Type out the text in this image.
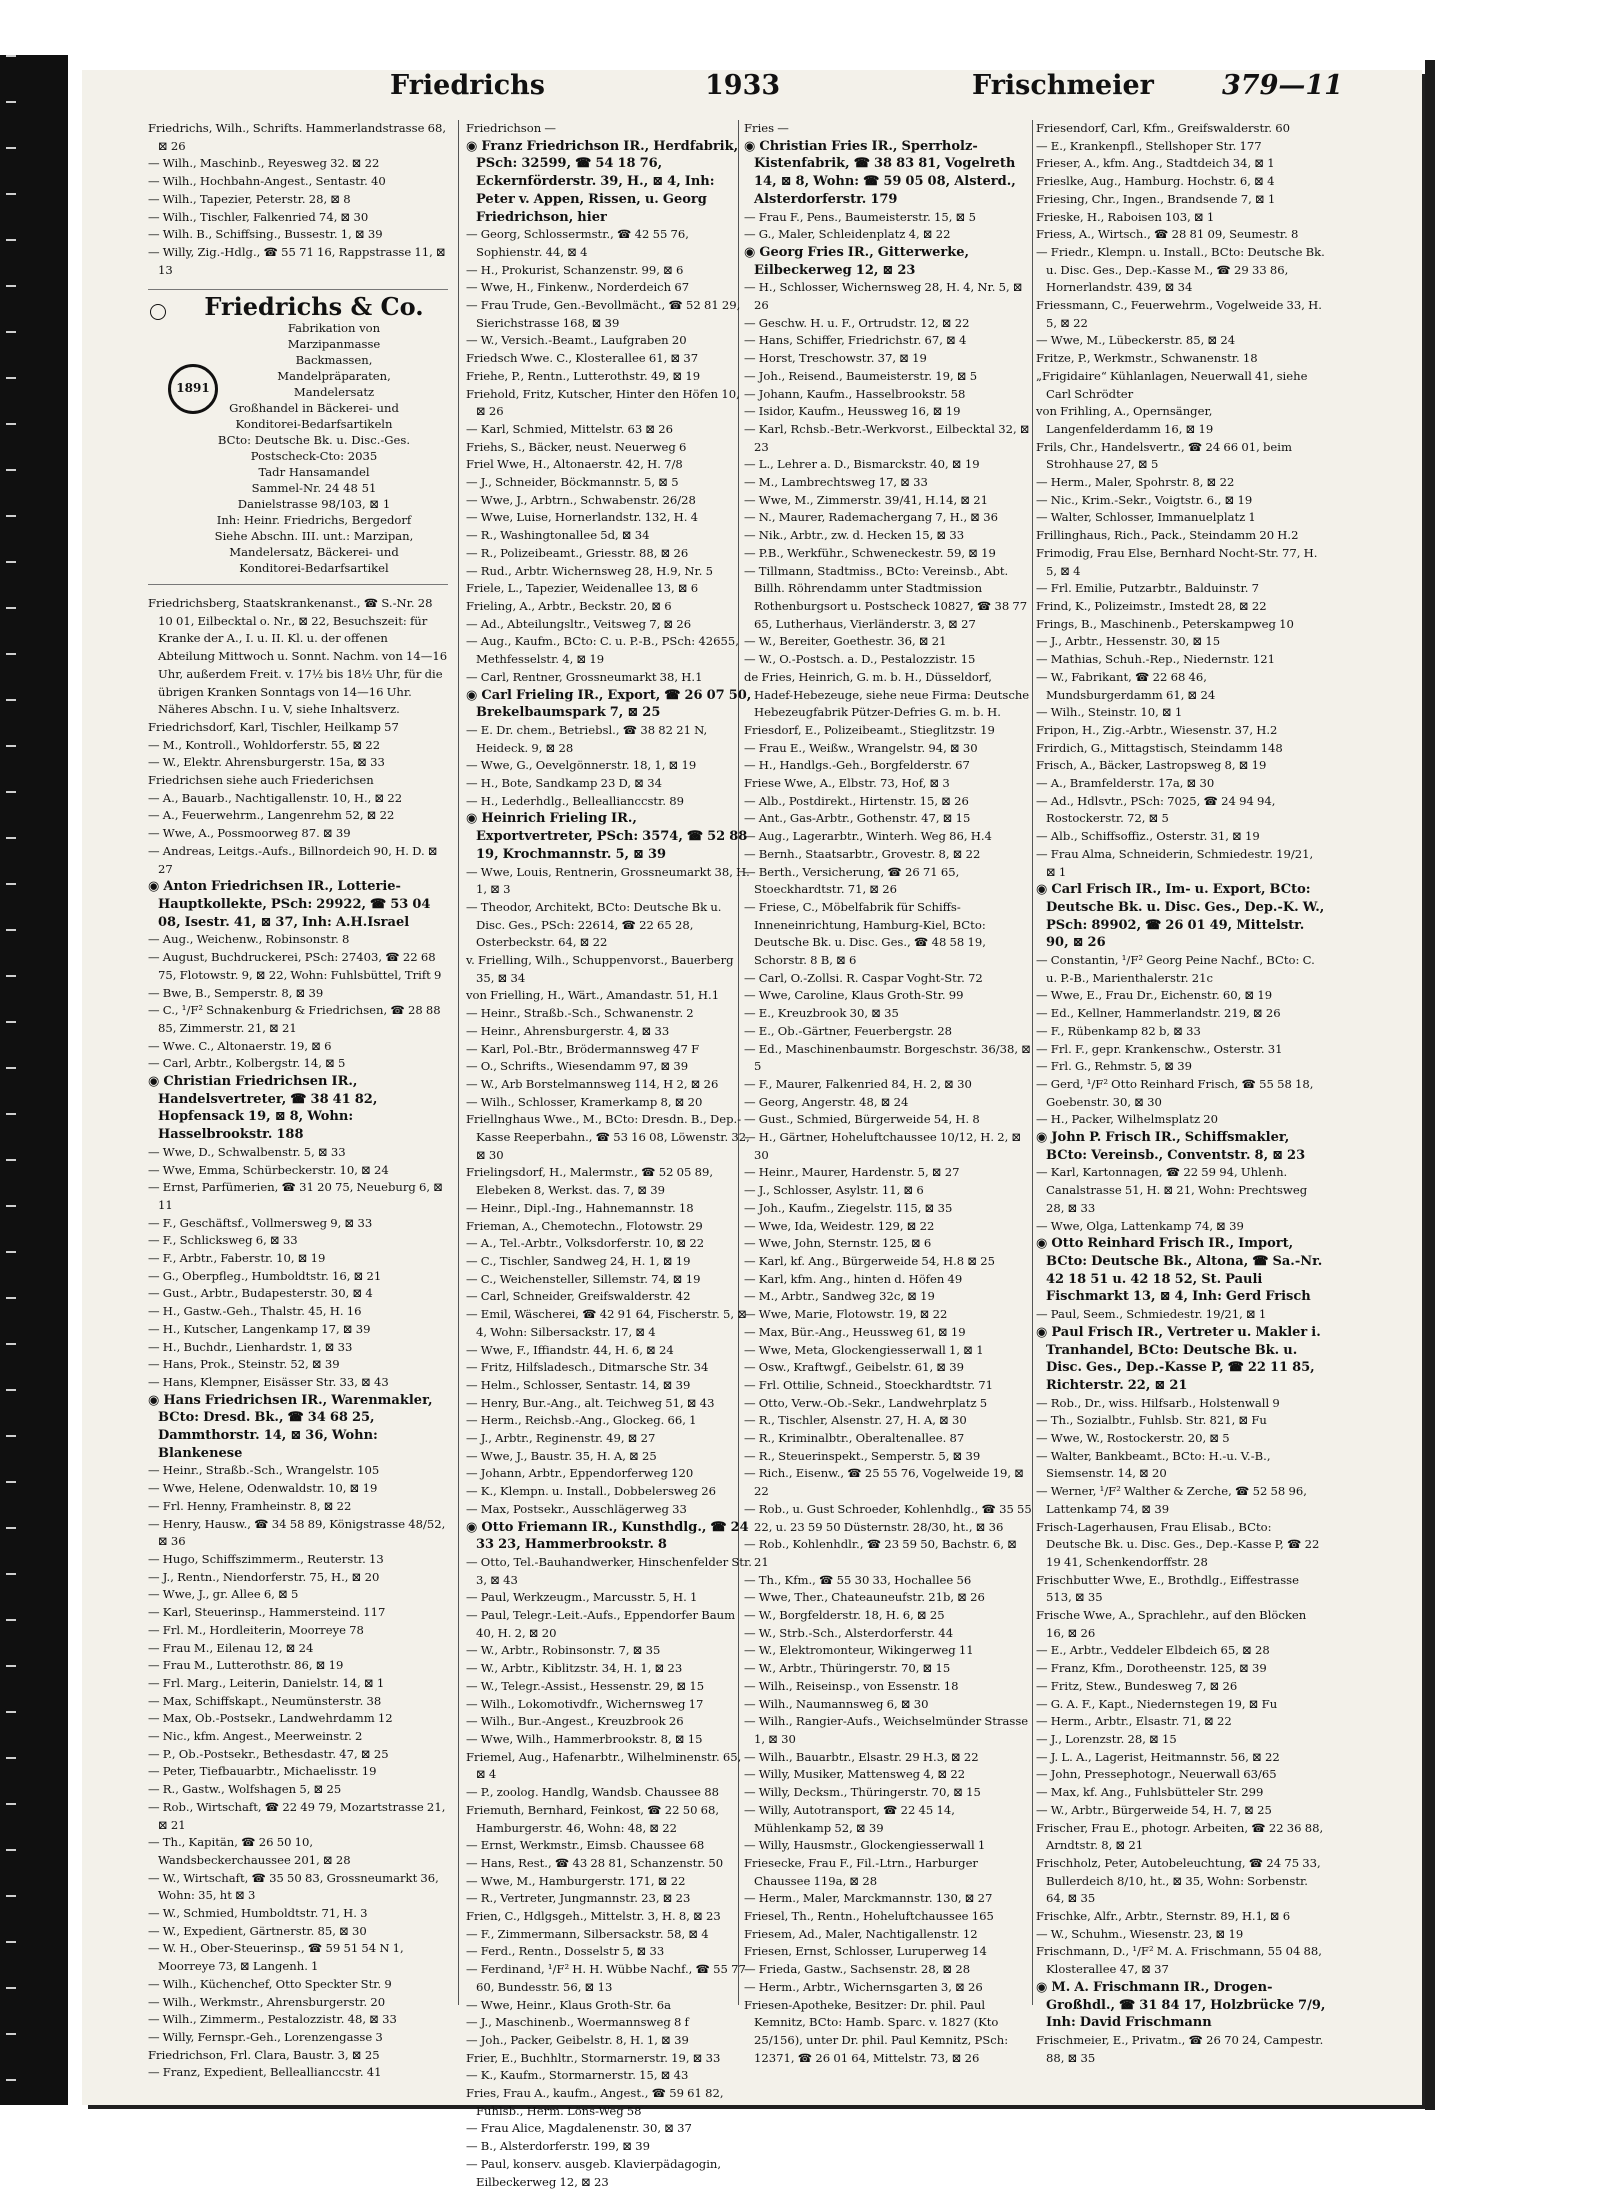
Friedrichs	1933	Frischmeier	379—11
Friedrichs, Wilh., Schrifts. Hammerlandstrasse 68, ⊠ 26
— Wilh., Maschinb., Reyesweg 32. ⊠ 22
— Wilh., Hochbahn-Angest., Sentastr. 40
— Wilh., Tapezier, Peterstr. 28, ⊠ 8
— Wilh., Tischler, Falkenried 74, ⊠ 30
— Wilh. B., Schiffsing., Bussestr. 1, ⊠ 39
— Willy, Zig.-Hdlg., ☎ 55 71 16, Rappstrasse 11, ⊠ 13
1891
Friedrichs & Co.
Fabrikation von
Marzipanmasse
Backmassen,
Mandelpräparaten,
Mandelersatz
Großhandel in Bäckerei- und
Konditorei-Bedarfsartikeln
BCto: Deutsche Bk. u. Disc.-Ges.
Postscheck-Cto: 2035
Tadr Hansamandel
Sammel-Nr. 24 48 51
Danielstrasse 98/103, ⊠ 1
Inh: Heinr. Friedrichs, Bergedorf
Siehe Abschn. III. unt.: Marzipan,
Mandelersatz, Bäckerei- und
Konditorei-Bedarfsartikel
Friedrichsberg, Staatskrankenanst., ☎ S.-Nr. 28 10 01, Eilbecktal o. Nr., ⊠ 22, Besuchszeit: für Kranke der A., I. u. II. Kl. u. der offenen Abteilung Mittwoch u. Sonnt. Nachm. von 14—16 Uhr, außerdem Freit. v. 17½ bis 18½ Uhr, für die übrigen Kranken Sonntags von 14—16 Uhr. Näheres Abschn. I u. V, siehe Inhaltsverz.
Friedrichsdorf, Karl, Tischler, Heilkamp 57
— M., Kontroll., Wohldorferstr. 55, ⊠ 22
— W., Elektr. Ahrensburgerstr. 15a, ⊠ 33
Friedrichsen siehe auch Friederichsen
— A., Bauarb., Nachtigallenstr. 10, H., ⊠ 22
— A., Feuerwehrm., Langenrehm 52, ⊠ 22
— Wwe, A., Possmoorweg 87. ⊠ 39
— Andreas, Leitgs.-Aufs., Billnordeich 90, H. D. ⊠ 27
◉ Anton Friedrichsen IR., Lotterie-Hauptkollekte, PSch: 29922, ☎ 53 04 08, Isestr. 41, ⊠ 37, Inh: A.H.Israel
— Aug., Weichenw., Robinsonstr. 8
— August, Buchdruckerei, PSch: 27403, ☎ 22 68 75, Flotowstr. 9, ⊠ 22, Wohn: Fuhlsbüttel, Trift 9
— Bwe, B., Semperstr. 8, ⊠ 39
— C., ¹/F² Schnakenburg & Friedrichsen, ☎ 28 88 85, Zimmerstr. 21, ⊠ 21
— Wwe. C., Altonaerstr. 19, ⊠ 6
— Carl, Arbtr., Kolbergstr. 14, ⊠ 5
◉ Christian Friedrichsen IR., Handelsvertreter, ☎ 38 41 82, Hopfensack 19, ⊠ 8, Wohn: Hasselbrookstr. 188
— Wwe, D., Schwalbenstr. 5, ⊠ 33
— Wwe, Emma, Schürbeckerstr. 10, ⊠ 24
— Ernst, Parfümerien, ☎ 31 20 75, Neueburg 6, ⊠ 11
— F., Geschäftsf., Vollmersweg 9, ⊠ 33
— F., Schlicksweg 6, ⊠ 33
— F., Arbtr., Faberstr. 10, ⊠ 19
— G., Oberpfleg., Humboldtstr. 16, ⊠ 21
— Gust., Arbtr., Budapesterstr. 30, ⊠ 4
— H., Gastw.-Geh., Thalstr. 45, H. 16
— H., Kutscher, Langenkamp 17, ⊠ 39
— H., Buchdr., Lienhardstr. 1, ⊠ 33
— Hans, Prok., Steinstr. 52, ⊠ 39
— Hans, Klempner, Eisässer Str. 33, ⊠ 43
◉ Hans Friedrichsen IR., Warenmakler, BCto: Dresd. Bk., ☎ 34 68 25, Dammthorstr. 14, ⊠ 36, Wohn: Blankenese
— Heinr., Straßb.-Sch., Wrangelstr. 105
— Wwe, Helene, Odenwaldstr. 10, ⊠ 19
— Frl. Henny, Framheinstr. 8, ⊠ 22
— Henry, Hausw., ☎ 34 58 89, Königstrasse 48/52, ⊠ 36
— Hugo, Schiffszimmerm., Reuterstr. 13
— J., Rentn., Niendorferstr. 75, H., ⊠ 20
— Wwe, J., gr. Allee 6, ⊠ 5
— Karl, Steuerinsp., Hammersteind. 117
— Frl. M., Hordleiterin, Moorreye 78
— Frau M., Eilenau 12, ⊠ 24
— Frau M., Lutterothstr. 86, ⊠ 19
— Frl. Marg., Leiterin, Danielstr. 14, ⊠ 1
— Max, Schiffskapt., Neumünsterstr. 38
— Max, Ob.-Postsekr., Landwehrdamm 12
— Nic., kfm. Angest., Meerweinstr. 2
— P., Ob.-Postsekr., Bethesdastr. 47, ⊠ 25
— Peter, Tiefbauarbtr., Michaelisstr. 19
— R., Gastw., Wolfshagen 5, ⊠ 25
— Rob., Wirtschaft, ☎ 22 49 79, Mozartstrasse 21, ⊠ 21
— Th., Kapitän, ☎ 26 50 10, Wandsbeckerchaussee 201, ⊠ 28
— W., Wirtschaft, ☎ 35 50 83, Grossneumarkt 36, Wohn: 35, ht ⊠ 3
— W., Schmied, Humboldtstr. 71, H. 3
— W., Expedient, Gärtnerstr. 85, ⊠ 30
— W. H., Ober-Steuerinsp., ☎ 59 51 54 N 1, Moorreye 73, ⊠ Langenh. 1
— Wilh., Küchenchef, Otto Speckter Str. 9
— Wilh., Werkmstr., Ahrensburgerstr. 20
— Wilh., Zimmerm., Pestalozzistr. 48, ⊠ 33
— Willy, Fernspr.-Geh., Lorenzengasse 3
Friedrichson, Frl. Clara, Baustr. 3, ⊠ 25
— Franz, Expedient, Belleallianccstr. 41
Friedrichson —
◉ Franz Friedrichson IR., Herdfabrik, PSch: 32599, ☎ 54 18 76, Eckernförderstr. 39, H., ⊠ 4, Inh: Peter v. Appen, Rissen, u. Georg Friedrichson, hier
— Georg, Schlossermstr., ☎ 42 55 76, Sophienstr. 44, ⊠ 4
— H., Prokurist, Schanzenstr. 99, ⊠ 6
— Wwe, H., Finkenw., Norderdeich 67
— Frau Trude, Gen.-Bevollmächt., ☎ 52 81 29, Sierichstrasse 168, ⊠ 39
— W., Versich.-Beamt., Laufgraben 20
Friedsch Wwe. C., Klosterallee 61, ⊠ 37
Friehe, P., Rentn., Lutterothstr. 49, ⊠ 19
Friehold, Fritz, Kutscher, Hinter den Höfen 10, ⊠ 26
— Karl, Schmied, Mittelstr. 63 ⊠ 26
Friehs, S., Bäcker, neust. Neuerweg 6
Friel Wwe, H., Altonaerstr. 42, H. 7/8
— J., Schneider, Böckmannstr. 5, ⊠ 5
— Wwe, J., Arbtrn., Schwabenstr. 26/28
— Wwe, Luise, Hornerlandstr. 132, H. 4
— R., Washingtonallee 5d, ⊠ 34
— R., Polizeibeamt., Griesstr. 88, ⊠ 26
— Rud., Arbtr. Wichernsweg 28, H.9, Nr. 5
Friele, L., Tapezier, Weidenallee 13, ⊠ 6
Frieling, A., Arbtr., Beckstr. 20, ⊠ 6
— Ad., Abteilungsltr., Veitsweg 7, ⊠ 26
— Aug., Kaufm., BCto: C. u. P.-B., PSch: 42655, Methfesselstr. 4, ⊠ 19
— Carl, Rentner, Grossneumarkt 38, H.1
◉ Carl Frieling IR., Export, ☎ 26 07 50, Brekelbaumspark 7, ⊠ 25
— E. Dr. chem., Betriebsl., ☎ 38 82 21 N, Heideck. 9, ⊠ 28
— Wwe, G., Oevelgönnerstr. 18, 1, ⊠ 19
— H., Bote, Sandkamp 23 D, ⊠ 34
— H., Lederhdlg., Belleallianccstr. 89
◉ Heinrich Frieling IR., Exportvertreter, PSch: 3574, ☎ 52 88 19, Krochmannstr. 5, ⊠ 39
— Wwe, Louis, Rentnerin, Grossneumarkt 38, H. 1, ⊠ 3
— Theodor, Architekt, BCto: Deutsche Bk u. Disc. Ges., PSch: 22614, ☎ 22 65 28, Osterbeckstr. 64, ⊠ 22
v. Frielling, Wilh., Schuppenvorst., Bauerberg 35, ⊠ 34
von Frielling, H., Wärt., Amandastr. 51, H.1
— Heinr., Straßb.-Sch., Schwanenstr. 2
— Heinr., Ahrensburgerstr. 4, ⊠ 33
— Karl, Pol.-Btr., Brödermannsweg 47 F
— O., Schrifts., Wiesendamm 97, ⊠ 39
— W., Arb Borstelmannsweg 114, H 2, ⊠ 26
— Wilh., Schlosser, Kramerkamp 8, ⊠ 20
Friellnghaus Wwe., M., BCto: Dresdn. B., Dep.-Kasse Reeperbahn., ☎ 53 16 08, Löwenstr. 32, ⊠ 30
Frielingsdorf, H., Malermstr., ☎ 52 05 89, Elebeken 8, Werkst. das. 7, ⊠ 39
— Heinr., Dipl.-Ing., Hahnemannstr. 18
Frieman, A., Chemotechn., Flotowstr. 29
— A., Tel.-Arbtr., Volksdorferstr. 10, ⊠ 22
— C., Tischler, Sandweg 24, H. 1, ⊠ 19
— C., Weichensteller, Sillemstr. 74, ⊠ 19
— Carl, Schneider, Greifswalderstr. 42
— Emil, Wäscherei, ☎ 42 91 64, Fischerstr. 5, ⊠ 4, Wohn: Silbersackstr. 17, ⊠ 4
— Wwe, F., Iffiandstr. 44, H. 6, ⊠ 24
— Fritz, Hilfsladesch., Ditmarsche Str. 34
— Helm., Schlosser, Sentastr. 14, ⊠ 39
— Henry, Bur.-Ang., alt. Teichweg 51, ⊠ 43
— Herm., Reichsb.-Ang., Glockeg. 66, 1
— J., Arbtr., Reginenstr. 49, ⊠ 27
— Wwe, J., Baustr. 35, H. A, ⊠ 25
— Johann, Arbtr., Eppendorferweg 120
— K., Klempn. u. Install., Dobbelersweg 26
— Max, Postsekr., Ausschlägerweg 33
◉ Otto Friemann IR., Kunsthdlg., ☎ 24 33 23, Hammerbrookstr. 8
— Otto, Tel.-Bauhandwerker, Hinschenfelder Str. 3, ⊠ 43
— Paul, Werkzeugm., Marcusstr. 5, H. 1
— Paul, Telegr.-Leit.-Aufs., Eppendorfer Baum 40, H. 2, ⊠ 20
— W., Arbtr., Robinsonstr. 7, ⊠ 35
— W., Arbtr., Kiblitzstr. 34, H. 1, ⊠ 23
— W., Telegr.-Assist., Hessenstr. 29, ⊠ 15
— Wilh., Lokomotivdfr., Wichernsweg 17
— Wilh., Bur.-Angest., Kreuzbrook 26
— Wwe, Wilh., Hammerbrookstr. 8, ⊠ 15
Friemel, Aug., Hafenarbtr., Wilhelminenstr. 65, ⊠ 4
— P., zoolog. Handlg, Wandsb. Chaussee 88
Friemuth, Bernhard, Feinkost, ☎ 22 50 68, Hamburgerstr. 46, Wohn: 48, ⊠ 22
— Ernst, Werkmstr., Eimsb. Chaussee 68
— Hans, Rest., ☎ 43 28 81, Schanzenstr. 50
— Wwe, M., Hamburgerstr. 171, ⊠ 22
— R., Vertreter, Jungmannstr. 23, ⊠ 23
Frien, C., Hdlgsgeh., Mittelstr. 3, H. 8, ⊠ 23
— F., Zimmermann, Silbersackstr. 58, ⊠ 4
— Ferd., Rentn., Dosselstr 5, ⊠ 33
— Ferdinand, ¹/F² H. H. Wübbe Nachf., ☎ 55 77 60, Bundesstr. 56, ⊠ 13
— Wwe, Heinr., Klaus Groth-Str. 6a
— J., Maschinenb., Woermannsweg 8 f
— Joh., Packer, Geibelstr. 8, H. 1, ⊠ 39
Frier, E., Buchhltr., Stormarnerstr. 19, ⊠ 33
— K., Kaufm., Stormarnerstr. 15, ⊠ 43
Fries, Frau A., kaufm., Angest., ☎ 59 61 82, Fuhlsb., Herm. Löns-Weg 58
— Frau Alice, Magdalenenstr. 30, ⊠ 37
— B., Alsterdorferstr. 199, ⊠ 39
— Paul, konserv. ausgeb. Klavierpädagogin, Eilbeckerweg 12, ⊠ 23
Fries —
◉ Christian Fries IR., Sperrholz-Kistenfabrik, ☎ 38 83 81, Vogelreth 14, ⊠ 8, Wohn: ☎ 59 05 08, Alsterd., Alsterdorferstr. 179
— Frau F., Pens., Baumeisterstr. 15, ⊠ 5
— G., Maler, Schleidenplatz 4, ⊠ 22
◉ Georg Fries IR., Gitterwerke, Eilbeckerweg 12, ⊠ 23
— H., Schlosser, Wichernsweg 28, H. 4, Nr. 5, ⊠ 26
— Geschw. H. u. F., Ortrudstr. 12, ⊠ 22
— Hans, Schiffer, Friedrichstr. 67, ⊠ 4
— Horst, Treschowstr. 37, ⊠ 19
— Joh., Reisend., Baumeisterstr. 19, ⊠ 5
— Johann, Kaufm., Hasselbrookstr. 58
— Isidor, Kaufm., Heussweg 16, ⊠ 19
— Karl, Rchsb.-Betr.-Werkvorst., Eilbecktal 32, ⊠ 23
— L., Lehrer a. D., Bismarckstr. 40, ⊠ 19
— M., Lambrechtsweg 17, ⊠ 33
— Wwe, M., Zimmerstr. 39/41, H.14, ⊠ 21
— N., Maurer, Rademachergang 7, H., ⊠ 36
— Nik., Arbtr., zw. d. Hecken 15, ⊠ 33
— P.B., Werkführ., Schweneckestr. 59, ⊠ 19
— Tillmann, Stadtmiss., BCto: Vereinsb., Abt. Billh. Röhrendamm unter Stadtmission Rothenburgsort u. Postscheck 10827, ☎ 38 77 65, Lutherhaus, Vierländerstr. 3, ⊠ 27
— W., Bereiter, Goethestr. 36, ⊠ 21
— W., O.-Postsch. a. D., Pestalozzistr. 15
de Fries, Heinrich, G. m. b. H., Düsseldorf, Hadef-Hebezeuge, siehe neue Firma: Deutsche Hebezeugfabrik Pützer-Defries G. m. b. H.
Friesdorf, E., Polizeibeamt., Stieglitzstr. 19
— Frau E., Weißw., Wrangelstr. 94, ⊠ 30
— H., Handlgs.-Geh., Borgfelderstr. 67
Friese Wwe, A., Elbstr. 73, Hof, ⊠ 3
— Alb., Postdirekt., Hirtenstr. 15, ⊠ 26
— Ant., Gas-Arbtr., Gothenstr. 47, ⊠ 15
— Aug., Lagerarbtr., Winterh. Weg 86, H.4
— Bernh., Staatsarbtr., Grovestr. 8, ⊠ 22
— Berth., Versicherung, ☎ 26 71 65, Stoeckhardtstr. 71, ⊠ 26
— Friese, C., Möbelfabrik für Schiffs-Inneneinrichtung, Hamburg-Kiel, BCto: Deutsche Bk. u. Disc. Ges., ☎ 48 58 19, Schorstr. 8 B, ⊠ 6
— Carl, O.-Zollsi. R. Caspar Voght-Str. 72
— Wwe, Caroline, Klaus Groth-Str. 99
— E., Kreuzbrook 30, ⊠ 35
— E., Ob.-Gärtner, Feuerbergstr. 28
— Ed., Maschinenbaumstr. Borgeschstr. 36/38, ⊠ 5
— F., Maurer, Falkenried 84, H. 2, ⊠ 30
— Georg, Angerstr. 48, ⊠ 24
— Gust., Schmied, Bürgerweide 54, H. 8
— H., Gärtner, Hoheluftchaussee 10/12, H. 2, ⊠ 30
— Heinr., Maurer, Hardenstr. 5, ⊠ 27
— J., Schlosser, Asylstr. 11, ⊠ 6
— Joh., Kaufm., Ziegelstr. 115, ⊠ 35
— Wwe, Ida, Weidestr. 129, ⊠ 22
— Wwe, John, Sternstr. 125, ⊠ 6
— Karl, kf. Ang., Bürgerweide 54, H.8 ⊠ 25
— Karl, kfm. Ang., hinten d. Höfen 49
— M., Arbtr., Sandweg 32c, ⊠ 19
— Wwe, Marie, Flotowstr. 19, ⊠ 22
— Max, Bür.-Ang., Heussweg 61, ⊠ 19
— Wwe, Meta, Glockengiesserwall 1, ⊠ 1
— Osw., Kraftwgf., Geibelstr. 61, ⊠ 39
— Frl. Ottilie, Schneid., Stoeckhardtstr. 71
— Otto, Verw.-Ob.-Sekr., Landwehrplatz 5
— R., Tischler, Alsenstr. 27, H. A, ⊠ 30
— R., Kriminalbtr., Oberaltenallee. 87
— R., Steuerinspekt., Semperstr. 5, ⊠ 39
— Rich., Eisenw., ☎ 25 55 76, Vogelweide 19, ⊠ 22
— Rob., u. Gust Schroeder, Kohlenhdlg., ☎ 35 55 22, u. 23 59 50 Düsternstr. 28/30, ht., ⊠ 36
— Rob., Kohlenhdlr., ☎ 23 59 50, Bachstr. 6, ⊠ 21
— Th., Kfm., ☎ 55 30 33, Hochallee 56
— Wwe, Ther., Chateauneufstr. 21b, ⊠ 26
— W., Borgfelderstr. 18, H. 6, ⊠ 25
— W., Strb.-Sch., Alsterdorferstr. 44
— W., Elektromonteur, Wikingerweg 11
— W., Arbtr., Thüringerstr. 70, ⊠ 15
— Wilh., Reiseinsp., von Essenstr. 18
— Wilh., Naumannsweg 6, ⊠ 30
— Wilh., Rangier-Aufs., Weichselmünder Strasse 1, ⊠ 30
— Wilh., Bauarbtr., Elsastr. 29 H.3, ⊠ 22
— Willy, Musiker, Mattensweg 4, ⊠ 22
— Willy, Decksm., Thüringerstr. 70, ⊠ 15
— Willy, Autotransport, ☎ 22 45 14, Mühlenkamp 52, ⊠ 39
— Willy, Hausmstr., Glockengiesserwall 1
Friesecke, Frau F., Fil.-Ltrn., Harburger Chaussee 119a, ⊠ 28
— Herm., Maler, Marckmannstr. 130, ⊠ 27
Friesel, Th., Rentn., Hoheluftchaussee 165
Friesem, Ad., Maler, Nachtigallenstr. 12
Friesen, Ernst, Schlosser, Luruperweg 14
— Frieda, Gastw., Sachsenstr. 28, ⊠ 28
— Herm., Arbtr., Wichernsgarten 3, ⊠ 26
Friesen-Apotheke, Besitzer: Dr. phil. Paul Kemnitz, BCto: Hamb. Sparc. v. 1827 (Kto 25/156), unter Dr. phil. Paul Kemnitz, PSch: 12371, ☎ 26 01 64, Mittelstr. 73, ⊠ 26
Friesendorf, Carl, Kfm., Greifswalderstr. 60
— E., Krankenpfl., Stellshoper Str. 177
Frieser, A., kfm. Ang., Stadtdeich 34, ⊠ 1
Frieslke, Aug., Hamburg. Hochstr. 6, ⊠ 4
Friesing, Chr., Ingen., Brandsende 7, ⊠ 1
Frieske, H., Raboisen 103, ⊠ 1
Friess, A., Wirtsch., ☎ 28 81 09, Seumestr. 8
— Friedr., Klempn. u. Install., BCto: Deutsche Bk. u. Disc. Ges., Dep.-Kasse M., ☎ 29 33 86, Hornerlandstr. 439, ⊠ 34
Friessmann, C., Feuerwehrm., Vogelweide 33, H. 5, ⊠ 22
— Wwe, M., Lübeckerstr. 85, ⊠ 24
Fritze, P., Werkmstr., Schwanenstr. 18
„Frigidaire“ Kühlanlagen, Neuerwall 41, siehe Carl Schrödter
von Frihling, A., Opernsänger, Langenfelderdamm 16, ⊠ 19
Frils, Chr., Handelsvertr., ☎ 24 66 01, beim Strohhause 27, ⊠ 5
— Herm., Maler, Spohrstr. 8, ⊠ 22
— Nic., Krim.-Sekr., Voigtstr. 6., ⊠ 19
— Walter, Schlosser, Immanuelplatz 1
Frillinghaus, Rich., Pack., Steindamm 20 H.2
Frimodig, Frau Else, Bernhard Nocht-Str. 77, H. 5, ⊠ 4
— Frl. Emilie, Putzarbtr., Balduinstr. 7
Frind, K., Polizeimstr., Imstedt 28, ⊠ 22
Frings, B., Maschinenb., Peterskampweg 10
— J., Arbtr., Hessenstr. 30, ⊠ 15
— Mathias, Schuh.-Rep., Niedernstr. 121
— W., Fabrikant, ☎ 22 68 46, Mundsburgerdamm 61, ⊠ 24
— Wilh., Steinstr. 10, ⊠ 1
Fripon, H., Zig.-Arbtr., Wiesenstr. 37, H.2
Frirdich, G., Mittagstisch, Steindamm 148
Frisch, A., Bäcker, Lastropsweg 8, ⊠ 19
— A., Bramfelderstr. 17a, ⊠ 30
— Ad., Hdlsvtr., PSch: 7025, ☎ 24 94 94, Rostockerstr. 72, ⊠ 5
— Alb., Schiffsoffiz., Osterstr. 31, ⊠ 19
— Frau Alma, Schneiderin, Schmiedestr. 19/21, ⊠ 1
◉ Carl Frisch IR., Im- u. Export, BCto: Deutsche Bk. u. Disc. Ges., Dep.-K. W., PSch: 89902, ☎ 26 01 49, Mittelstr. 90, ⊠ 26
— Constantin, ¹/F² Georg Peine Nachf., BCto: C. u. P.-B., Marienthalerstr. 21c
— Wwe, E., Frau Dr., Eichenstr. 60, ⊠ 19
— Ed., Kellner, Hammerlandstr. 219, ⊠ 26
— F., Rübenkamp 82 b, ⊠ 33
— Frl. F., gepr. Krankenschw., Osterstr. 31
— Frl. G., Rehmstr. 5, ⊠ 39
— Gerd, ¹/F² Otto Reinhard Frisch, ☎ 55 58 18, Goebenstr. 30, ⊠ 30
— H., Packer, Wilhelmsplatz 20
◉ John P. Frisch IR., Schiffsmakler, BCto: Vereinsb., Conventstr. 8, ⊠ 23
— Karl, Kartonnagen, ☎ 22 59 94, Uhlenh. Canalstrasse 51, H. ⊠ 21, Wohn: Prechtsweg 28, ⊠ 33
— Wwe, Olga, Lattenkamp 74, ⊠ 39
◉ Otto Reinhard Frisch IR., Import, BCto: Deutsche Bk., Altona, ☎ Sa.-Nr. 42 18 51 u. 42 18 52, St. Pauli Fischmarkt 13, ⊠ 4, Inh: Gerd Frisch
— Paul, Seem., Schmiedestr. 19/21, ⊠ 1
◉ Paul Frisch IR., Vertreter u. Makler i. Tranhandel, BCto: Deutsche Bk. u. Disc. Ges., Dep.-Kasse P, ☎ 22 11 85, Richterstr. 22, ⊠ 21
— Rob., Dr., wiss. Hilfsarb., Holstenwall 9
— Th., Sozialbtr., Fuhlsb. Str. 821, ⊠ Fu
— Wwe, W., Rostockerstr. 20, ⊠ 5
— Walter, Bankbeamt., BCto: H.-u. V.-B., Siemsenstr. 14, ⊠ 20
— Werner, ¹/F² Walther & Zerche, ☎ 52 58 96, Lattenkamp 74, ⊠ 39
Frisch-Lagerhausen, Frau Elisab., BCto: Deutsche Bk. u. Disc. Ges., Dep.-Kasse P, ☎ 22 19 41, Schenkendorffstr. 28
Frischbutter Wwe, E., Brothdlg., Eiffestrasse 513, ⊠ 35
Frische Wwe, A., Sprachlehr., auf den Blöcken 16, ⊠ 26
— E., Arbtr., Veddeler Elbdeich 65, ⊠ 28
— Franz, Kfm., Dorotheenstr. 125, ⊠ 39
— Fritz, Stew., Bundesweg 7, ⊠ 26
— G. A. F., Kapt., Niedernstegen 19, ⊠ Fu
— Herm., Arbtr., Elsastr. 71, ⊠ 22
— J., Lorenzstr. 28, ⊠ 15
— J. L. A., Lagerist, Heitmannstr. 56, ⊠ 22
— John, Pressephotogr., Neuerwall 63/65
— Max, kf. Ang., Fuhlsbütteler Str. 299
— W., Arbtr., Bürgerweide 54, H. 7, ⊠ 25
Frischer, Frau E., photogr. Arbeiten, ☎ 22 36 88, Arndtstr. 8, ⊠ 21
Frischholz, Peter, Autobeleuchtung, ☎ 24 75 33, Bullerdeich 8/10, ht., ⊠ 35, Wohn: Sorbenstr. 64, ⊠ 35
Frischke, Alfr., Arbtr., Sternstr. 89, H.1, ⊠ 6
— W., Schuhm., Wiesenstr. 23, ⊠ 19
Frischmann, D., ¹/F² M. A. Frischmann, 55 04 88, Klosterallee 47, ⊠ 37
◉ M. A. Frischmann IR., Drogen-Großhdl., ☎ 31 84 17, Holzbrücke 7/9, Inh: David Frischmann
Frischmeier, E., Privatm., ☎ 26 70 24, Campestr. 88, ⊠ 35
